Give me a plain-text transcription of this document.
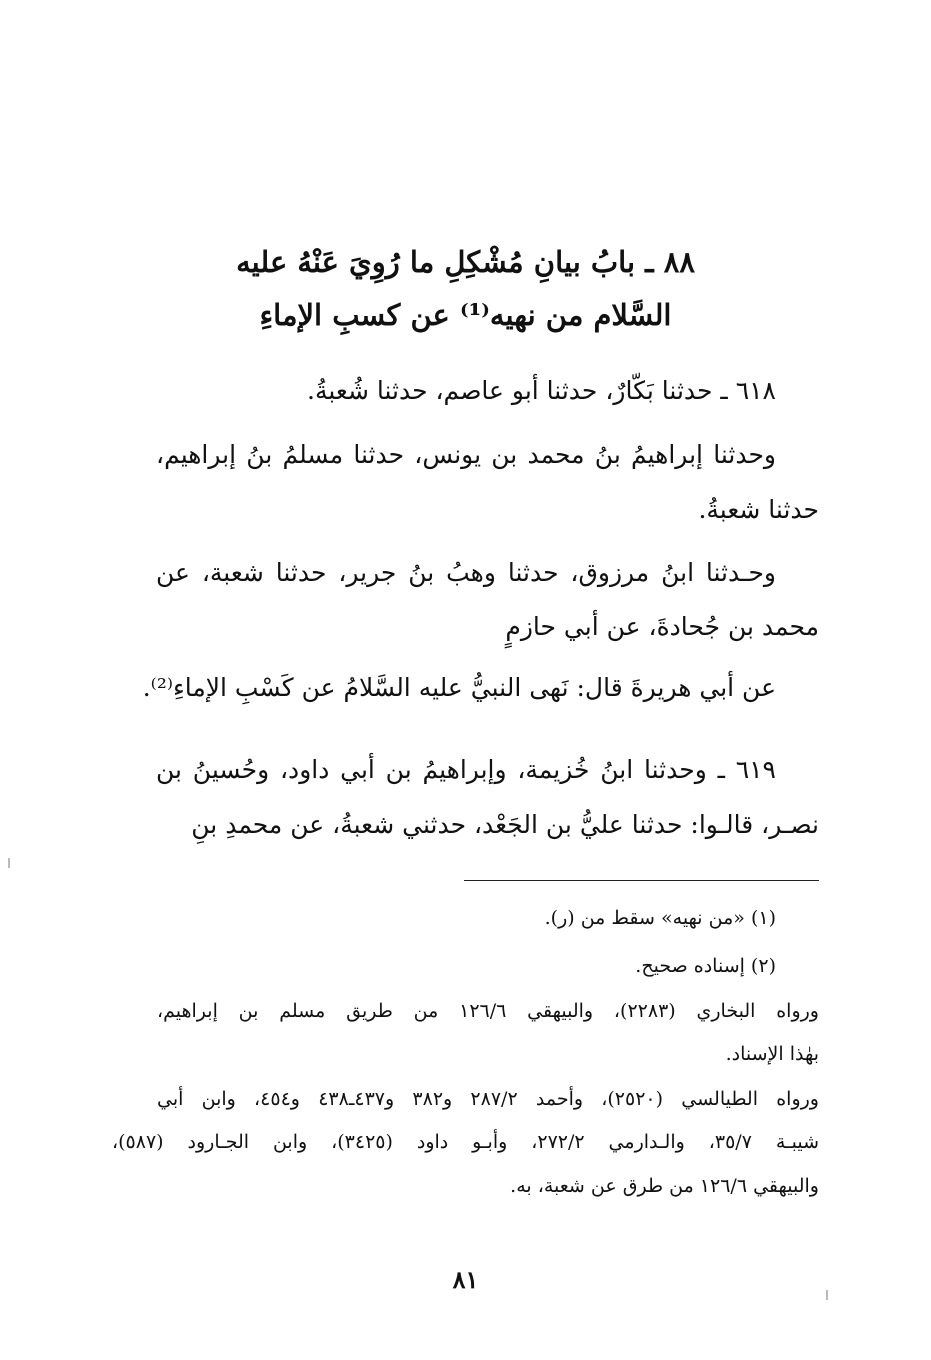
٨٨ ـ بابُ بيانِ مُشْكِلِ ما رُوِيَ عَنْهُ عليه
السَّلام من نهيه⁽¹⁾ عن كسبِ الإماءِ
٦١٨ ـ حدثنا بَكّارٌ، حدثنا أبو عاصم، حدثنا شُعبةُ.
وحدثنا إبراهيمُ بنُ محمد بن يونس، حدثنا مسلمُ بنُ إبراهيم،
حدثنا شعبةُ.
وحـدثنا ابنُ مرزوق، حدثنا وهبُ بنُ جرير، حدثنا شعبة، عن
محمد بن جُحادةَ، عن أبي حازمٍ
عن أبي هريرةَ قال: نَهى النبيُّ عليه السَّلامُ عن كَسْبِ الإماءِ⁽²⁾.
٦١٩ ـ وحدثنا ابنُ خُزيمة، وإبراهيمُ بن أبي داود، وحُسينُ بن
نصـر، قالـوا: حدثنا عليُّ بن الجَعْد، حدثني شعبةُ، عن محمدِ بنِ
(١) «من نهيه» سقط من (ر).
(٢) إسناده صحيح.
ورواه البخاري (٢٢٨٣)، والبيهقي ١٢٦/٦ من طريق مسلم بن إبراهيم،
بهٰذا الإسناد.
ورواه الطيالسي (٢٥٢٠)، وأحمد ٢٨٧/٢ و٣٨٢ و٤٣٧ـ٤٣٨ و٤٥٤، وابن أبي
شيبـة ٣٥/٧، والـدارمي ٢٧٢/٢، وأبـو داود (٣٤٢٥)، وابن الجـارود (٥٨٧)،
والبيهقي ١٢٦/٦ من طرق عن شعبة، به.
٨١
